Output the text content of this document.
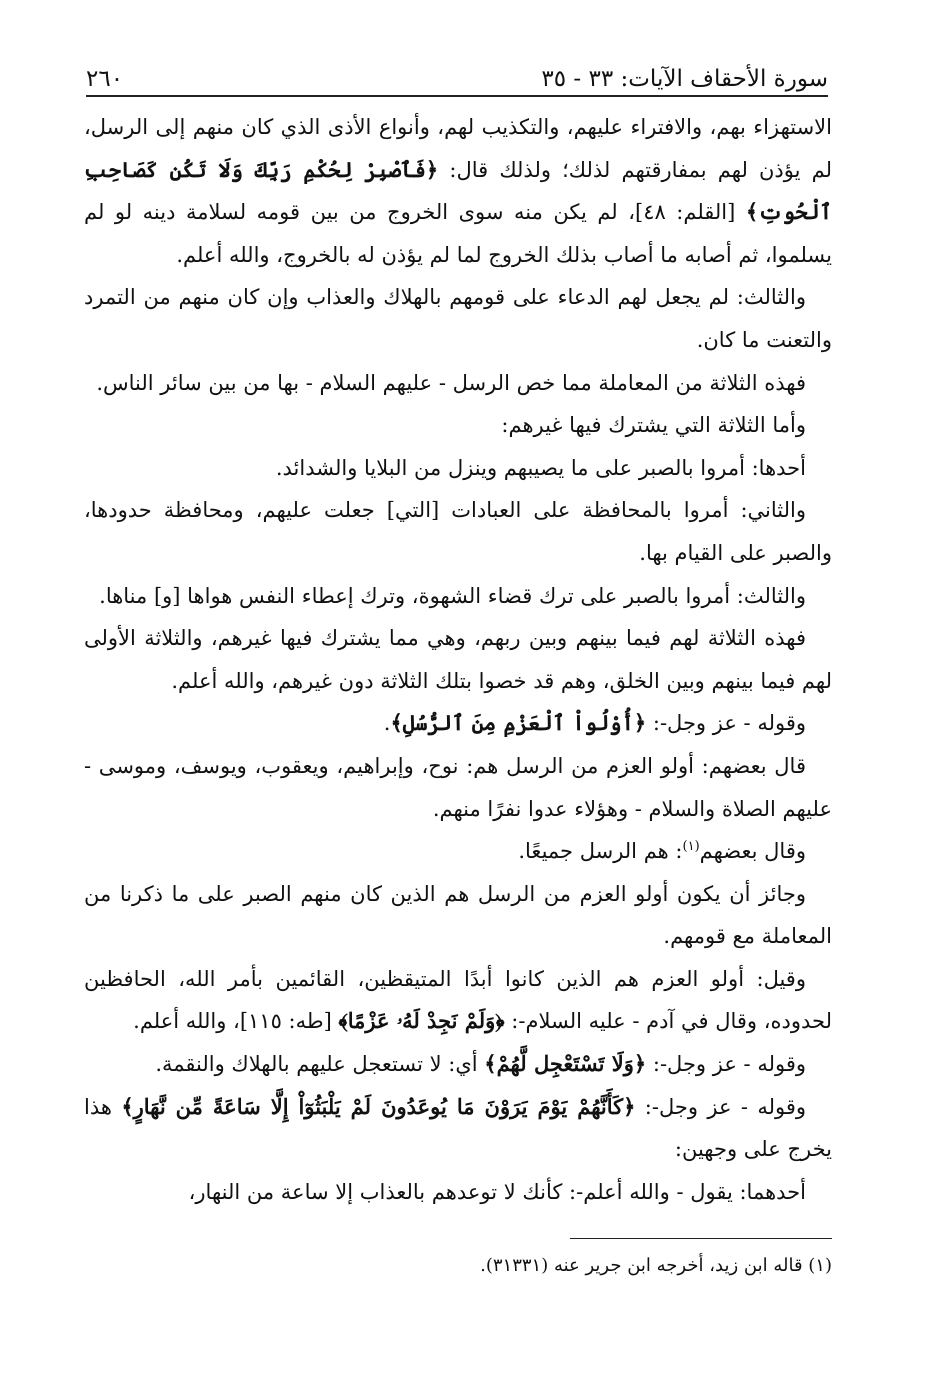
سورة الأحقاف الآيات: ٣٣ - ٣٥
٢٦٠

الاستهزاء بهم، والافتراء عليهم، والتكذيب لهم، وأنواع الأذى الذي كان منهم إلى الرسل، لم يؤذن لهم بمفارقتهم لذلك؛ ولذلك قال: ﴿فَٱصْبِرْ لِحُكْمِ رَبِّكَ وَلَا تَكُن كَصَاحِبِ ٱلْحُوتِ﴾ [القلم: ٤٨]، لم يكن منه سوى الخروج من بين قومه لسلامة دينه لو لم يسلموا، ثم أصابه ما أصاب بذلك الخروج لما لم يؤذن له بالخروج، والله أعلم.

والثالث: لم يجعل لهم الدعاء على قومهم بالهلاك والعذاب وإن كان منهم من التمرد والتعنت ما كان.

فهذه الثلاثة من المعاملة مما خص الرسل - عليهم السلام - بها من بين سائر الناس.

وأما الثلاثة التي يشترك فيها غيرهم:

أحدها: أمروا بالصبر على ما يصيبهم وينزل من البلايا والشدائد.

والثاني: أمروا بالمحافظة على العبادات [التي] جعلت عليهم، ومحافظة حدودها، والصبر على القيام بها.

والثالث: أمروا بالصبر على ترك قضاء الشهوة، وترك إعطاء النفس هواها [و] مناها.

فهذه الثلاثة لهم فيما بينهم وبين ربهم، وهي مما يشترك فيها غيرهم، والثلاثة الأولى لهم فيما بينهم وبين الخلق، وهم قد خصوا بتلك الثلاثة دون غيرهم، والله أعلم.

وقوله - عز وجل-: ﴿أُوْلُواْ ٱلْعَزْمِ مِنَ ٱلرُّسُلِ﴾.

قال بعضهم: أولو العزم من الرسل هم: نوح، وإبراهيم، ويعقوب، ويوسف، وموسى - عليهم الصلاة والسلام - وهؤلاء عدوا نفرًا منهم.

وقال بعضهم$^{(١)}$: هم الرسل جميعًا.

وجائز أن يكون أولو العزم من الرسل هم الذين كان منهم الصبر على ما ذكرنا من المعاملة مع قومهم.

وقيل: أولو العزم هم الذين كانوا أبدًا المتيقظين، القائمين بأمر الله، الحافظين لحدوده، وقال في آدم - عليه السلام-: ﴿وَلَمْ نَجِدْ لَهُۥ عَزْمًا﴾ [طه: ١١٥]، والله أعلم.

وقوله - عز وجل-: ﴿وَلَا تَسْتَعْجِل لَّهُمْ﴾ أي: لا تستعجل عليهم بالهلاك والنقمة.

وقوله - عز وجل-: ﴿كَأَنَّهُمْ يَوْمَ يَرَوْنَ مَا يُوعَدُونَ لَمْ يَلْبَثُوٓاْ إِلَّا سَاعَةً مِّن نَّهَارٍ﴾ هذا يخرج على وجهين:

أحدهما: يقول - والله أعلم-: كأنك لا توعدهم بالعذاب إلا ساعة من النهار،

(١) قاله ابن زيد، أخرجه ابن جرير عنه (٣١٣٣١).
